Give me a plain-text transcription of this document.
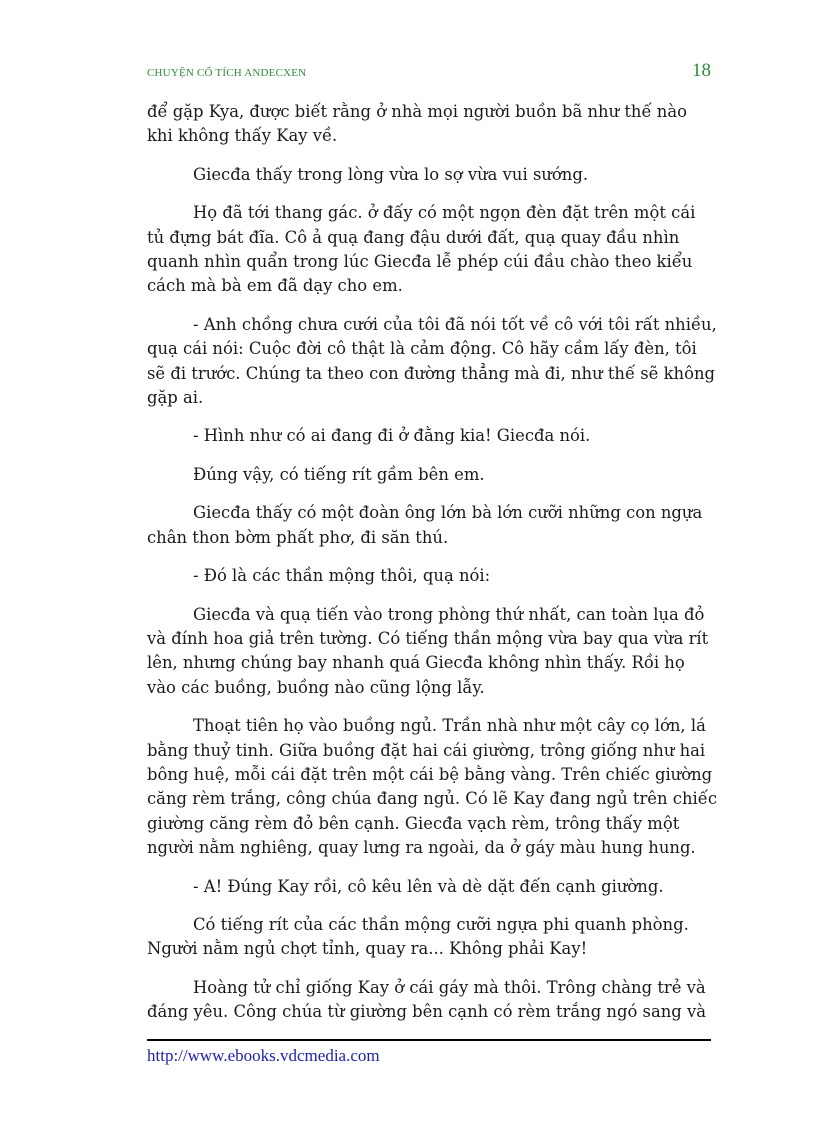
CHUYỆN CỔ TÍCH ANDECXEN	18

để gặp Kya, được biết rằng ở nhà mọi người buồn bã như thế nào khi không thấy Kay về.

Giecđa thấy trong lòng vừa lo sợ vừa vui sướng.

Họ đã tới thang gác. ở đấy có một ngọn đèn đặt trên một cái tủ đựng bát đĩa. Cô ả quạ đang đậu dưới đất, quạ quay đầu nhìn quanh nhìn quẩn trong lúc Giecđa lễ phép cúi đầu chào theo kiểu cách mà bà em đã dạy cho em.

- Anh chồng chưa cưới của tôi đã nói tốt về cô với tôi rất nhiều, quạ cái nói: Cuộc đời cô thật là cảm động. Cô hãy cầm lấy đèn, tôi sẽ đi trước. Chúng ta theo con đường thẳng mà đi, như thế sẽ không gặp ai.

- Hình như có ai đang đi ở đằng kia! Giecđa nói.

Đúng vậy, có tiếng rít gầm bên em.

Giecđa thấy có một đoàn ông lớn bà lớn cưỡi những con ngựa chân thon bờm phất phơ, đi săn thú.

- Đó là các thần mộng thôi, quạ nói:

Giecđa và quạ tiến vào trong phòng thứ nhất, can toàn lụa đỏ và đính hoa giả trên tường. Có tiếng thần mộng vừa bay qua vừa rít lên, nhưng chúng bay nhanh quá Giecđa không nhìn thấy. Rồi họ vào các buồng, buồng nào cũng lộng lẫy.

Thoạt tiên họ vào buồng ngủ. Trần nhà như một cây cọ lớn, lá bằng thuỷ tinh. Giữa buồng đặt hai cái giường, trông giống như hai bông huệ, mỗi cái đặt trên một cái bệ bằng vàng. Trên chiếc giường căng rèm trắng, công chúa đang ngủ. Có lẽ Kay đang ngủ trên chiếc giường căng rèm đỏ bên cạnh. Giecđa vạch rèm, trông thấy một người nằm nghiêng, quay lưng ra ngoài, da ở gáy màu hung hung.

- A! Đúng Kay rồi, cô kêu lên và dè dặt đến cạnh giường.

Có tiếng rít của các thần mộng cưỡi ngựa phi quanh phòng. Người nằm ngủ chợt tỉnh, quay ra... Không phải Kay!

Hoàng tử chỉ giống Kay ở cái gáy mà thôi. Trông chàng trẻ và đáng yêu. Công chúa từ giường bên cạnh có rèm trắng ngó sang và

http://www.ebooks.vdcmedia.com
